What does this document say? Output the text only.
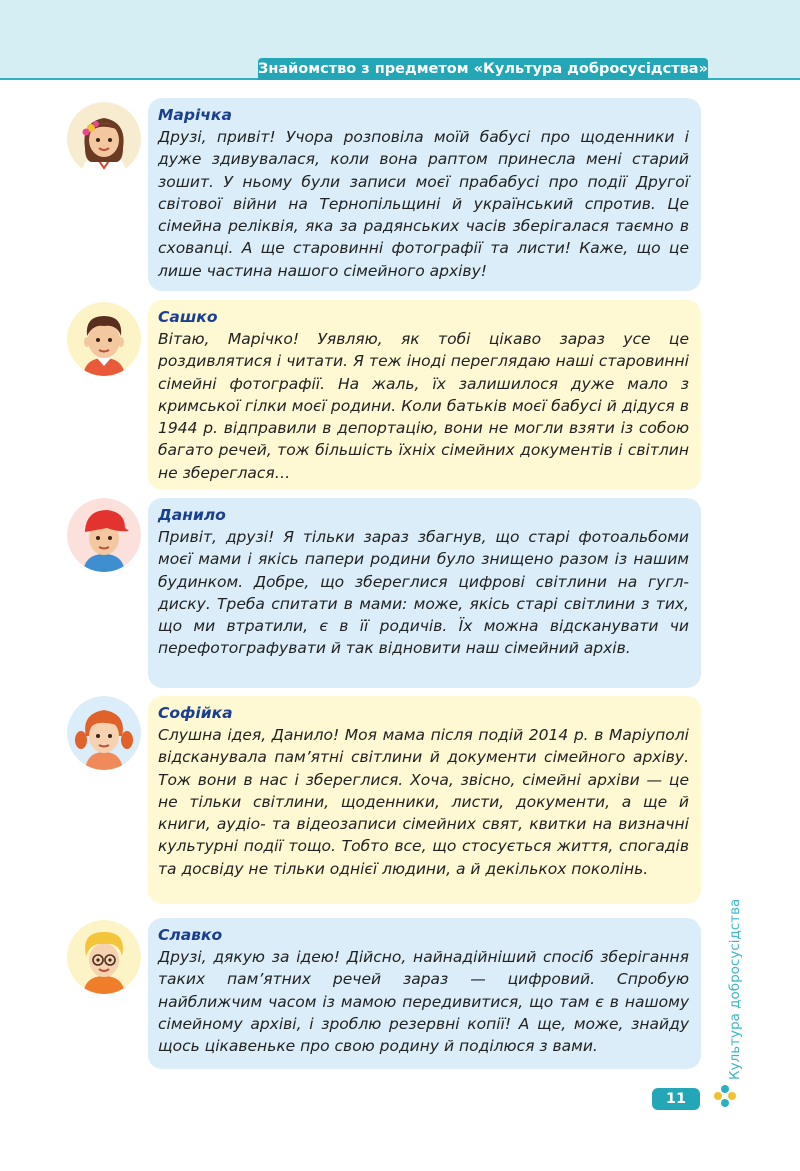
Знайомство з предметом «Культура добросусідства»
Марічка

Друзі, привіт! Учора розповіла моїй бабусі про щоденники і дуже здивувалася, коли вона раптом принесла мені старий зошит. У ньому були записи моєї прабабусі про події Другої світової війни на Тернопільщині й український спротив. Це сімейна реліквія, яка за радянських часів зберігалася таємно в сховanці. А ще старовинні фотографії та листи! Каже, що це лише частина нашого сімейного архіву!

Сашко

Вітаю, Марічко! Уявляю, як тобі цікаво зараз усе це роздивлятися і читати. Я теж іноді переглядаю наші старовинні сімейні фотографії. На жаль, їх залишилося дуже мало з кримської гілки моєї родини. Коли батьків моєї бабусі й дідуся в 1944 р. відправили в депортацію, вони не могли взяти із собою багато речей, тож більшість їхніх сімейних документів і світлин не збереглася…

Данило

Привіт, друзі! Я тільки зараз збагнув, що старі фотоальбоми моєї мами і якісь папери родини було знищено разом із нашим будинком. Добре, що збереглися цифрові світлини на гугл-диску. Треба спитати в мами: може, якісь старі світлини з тих, що ми втратили, є в її родичів. Їх можна відсканувати чи перефотографувати й так відновити наш сімейний архів.

Софійка

Слушна ідея, Данило! Моя мама після подій 2014 р. в Маріуполі відсканувала пам’ятні світлини й документи сімейного архіву. Тож вони в нас і збереглися. Хоча, звісно, сімейні архіви — це не тільки світлини, щоденники, листи, документи, а ще й книги, аудіо- та відеозаписи сімейних свят, квитки на визначні культурні події тощо. Тобто все, що стосується життя, спогадів та досвіду не тільки однієї людини, а й декількох поколінь.

Славко

Друзі, дякую за ідею! Дійсно, найнадійніший спосіб зберігання таких пам’ятних речей зараз — цифровий. Спробую найближчим часом із мамою передивитися, що там є в нашому сімейному архіві, і зроблю резервні копії! А ще, може, знайду щось цікавеньке про свою родину й поділюся з вами.	Культура добросусідства
11
